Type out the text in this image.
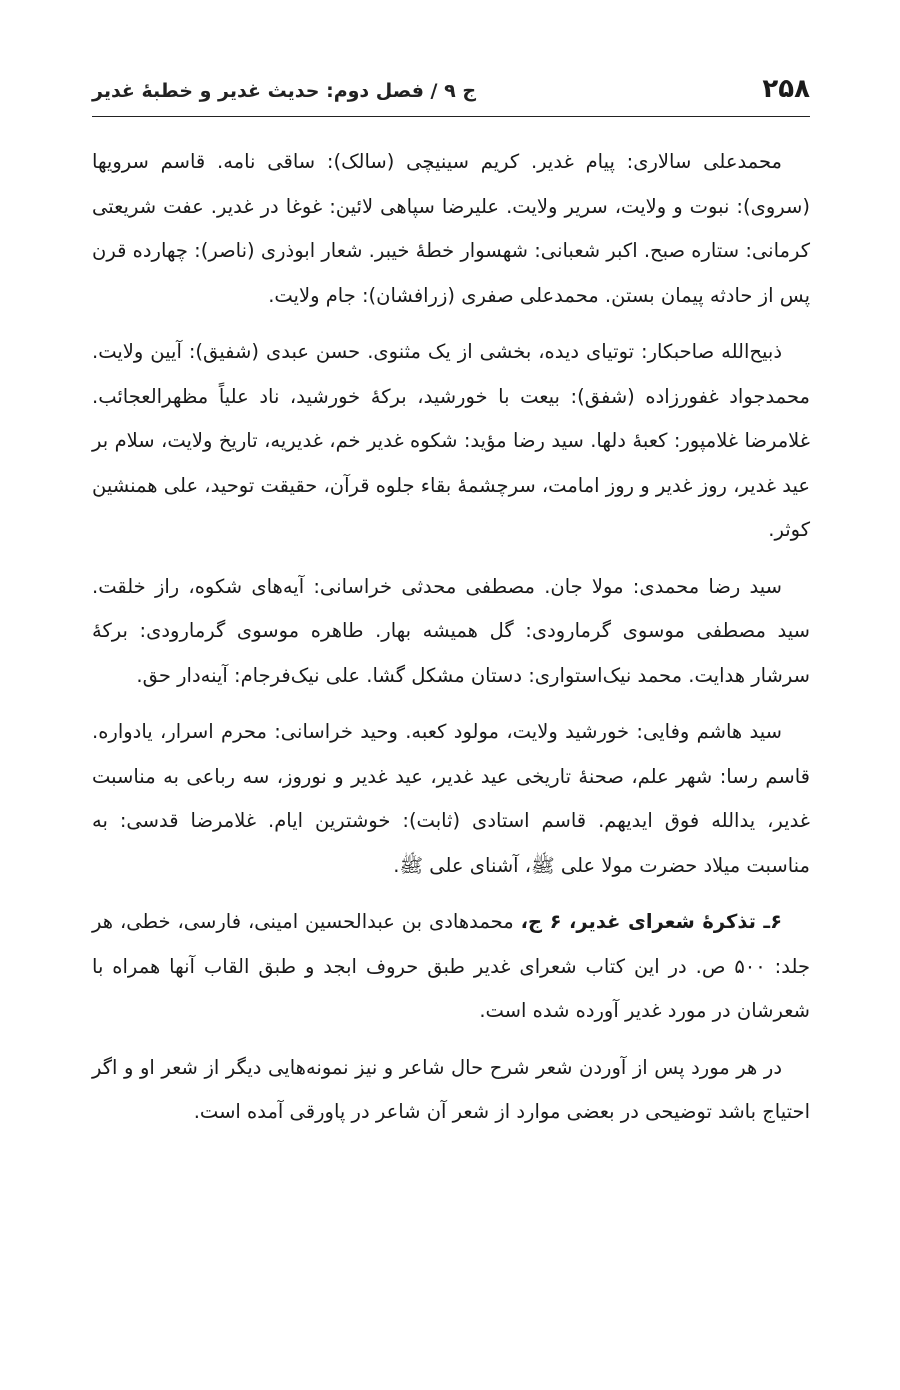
۲۵۸
ج ۹ / فصل دوم: حدیث غدیر و خطبهٔ غدیر

محمدعلی سالاری: پیام غدیر. کریم سینیچی (سالک): ساقی نامه. قاسم سرویها (سروی): نبوت و ولایت، سریر ولایت. علیرضا سپاهی لائین: غوغا در غدیر. عفت شریعتی کرمانی: ستاره صبح. اکبر شعبانی: شهسوار خطهٔ خیبر. شعار ابوذری (ناصر): چهارده قرن پس از حادثه پیمان بستن. محمدعلی صفری (زرافشان): جام ولایت.

ذبیح‌الله صاحبکار: توتیای دیده، بخشی از یک مثنوی. حسن عبدی (شفیق): آیین ولایت. محمدجواد غفورزاده (شفق): بیعت با خورشید، برکهٔ خورشید، ناد علیاً مظهرالعجائب. غلامرضا غلامپور: کعبهٔ دلها. سید رضا مؤید: شکوه غدیر خم، غدیریه، تاریخ ولایت، سلام بر عید غدیر، روز غدیر و روز امامت، سرچشمهٔ بقاء جلوه قرآن، حقیقت توحید، علی همنشین کوثر.

سید رضا محمدی: مولا جان. مصطفی محدثی خراسانی: آیه‌های شکوه، راز خلقت. سید مصطفی موسوی گرمارودی: گل همیشه بهار. طاهره موسوی گرمارودی: برکهٔ سرشار هدایت. محمد نیک‌استواری: دستان مشکل گشا. علی نیک‌فرجام: آینه‌دار حق.

سید هاشم وفایی: خورشید ولایت، مولود کعبه. وحید خراسانی: محرم اسرار، یادواره. قاسم رسا: شهر علم، صحنهٔ تاریخی عید غدیر، عید غدیر و نوروز، سه رباعی به مناسبت غدیر، یدالله فوق ایدیهم. قاسم استادی (ثابت): خوشترین ایام. غلامرضا قدسی: به مناسبت میلاد حضرت مولا علی ﷺ، آشنای علی ﷺ.

۶ـ تذکرهٔ شعرای غدیر، ۶ ج، محمدهادی بن عبدالحسین امینی، فارسی، خطی، هر جلد: ۵۰۰ ص. در این کتاب شعرای غدیر طبق حروف ابجد و طبق القاب آنها همراه با شعرشان در مورد غدیر آورده شده است.

در هر مورد پس از آوردن شعر شرح حال شاعر و نیز نمونه‌هایی دیگر از شعر او و اگر احتیاج باشد توضیحی در بعضی موارد از شعر آن شاعر در پاورقی آمده است.
